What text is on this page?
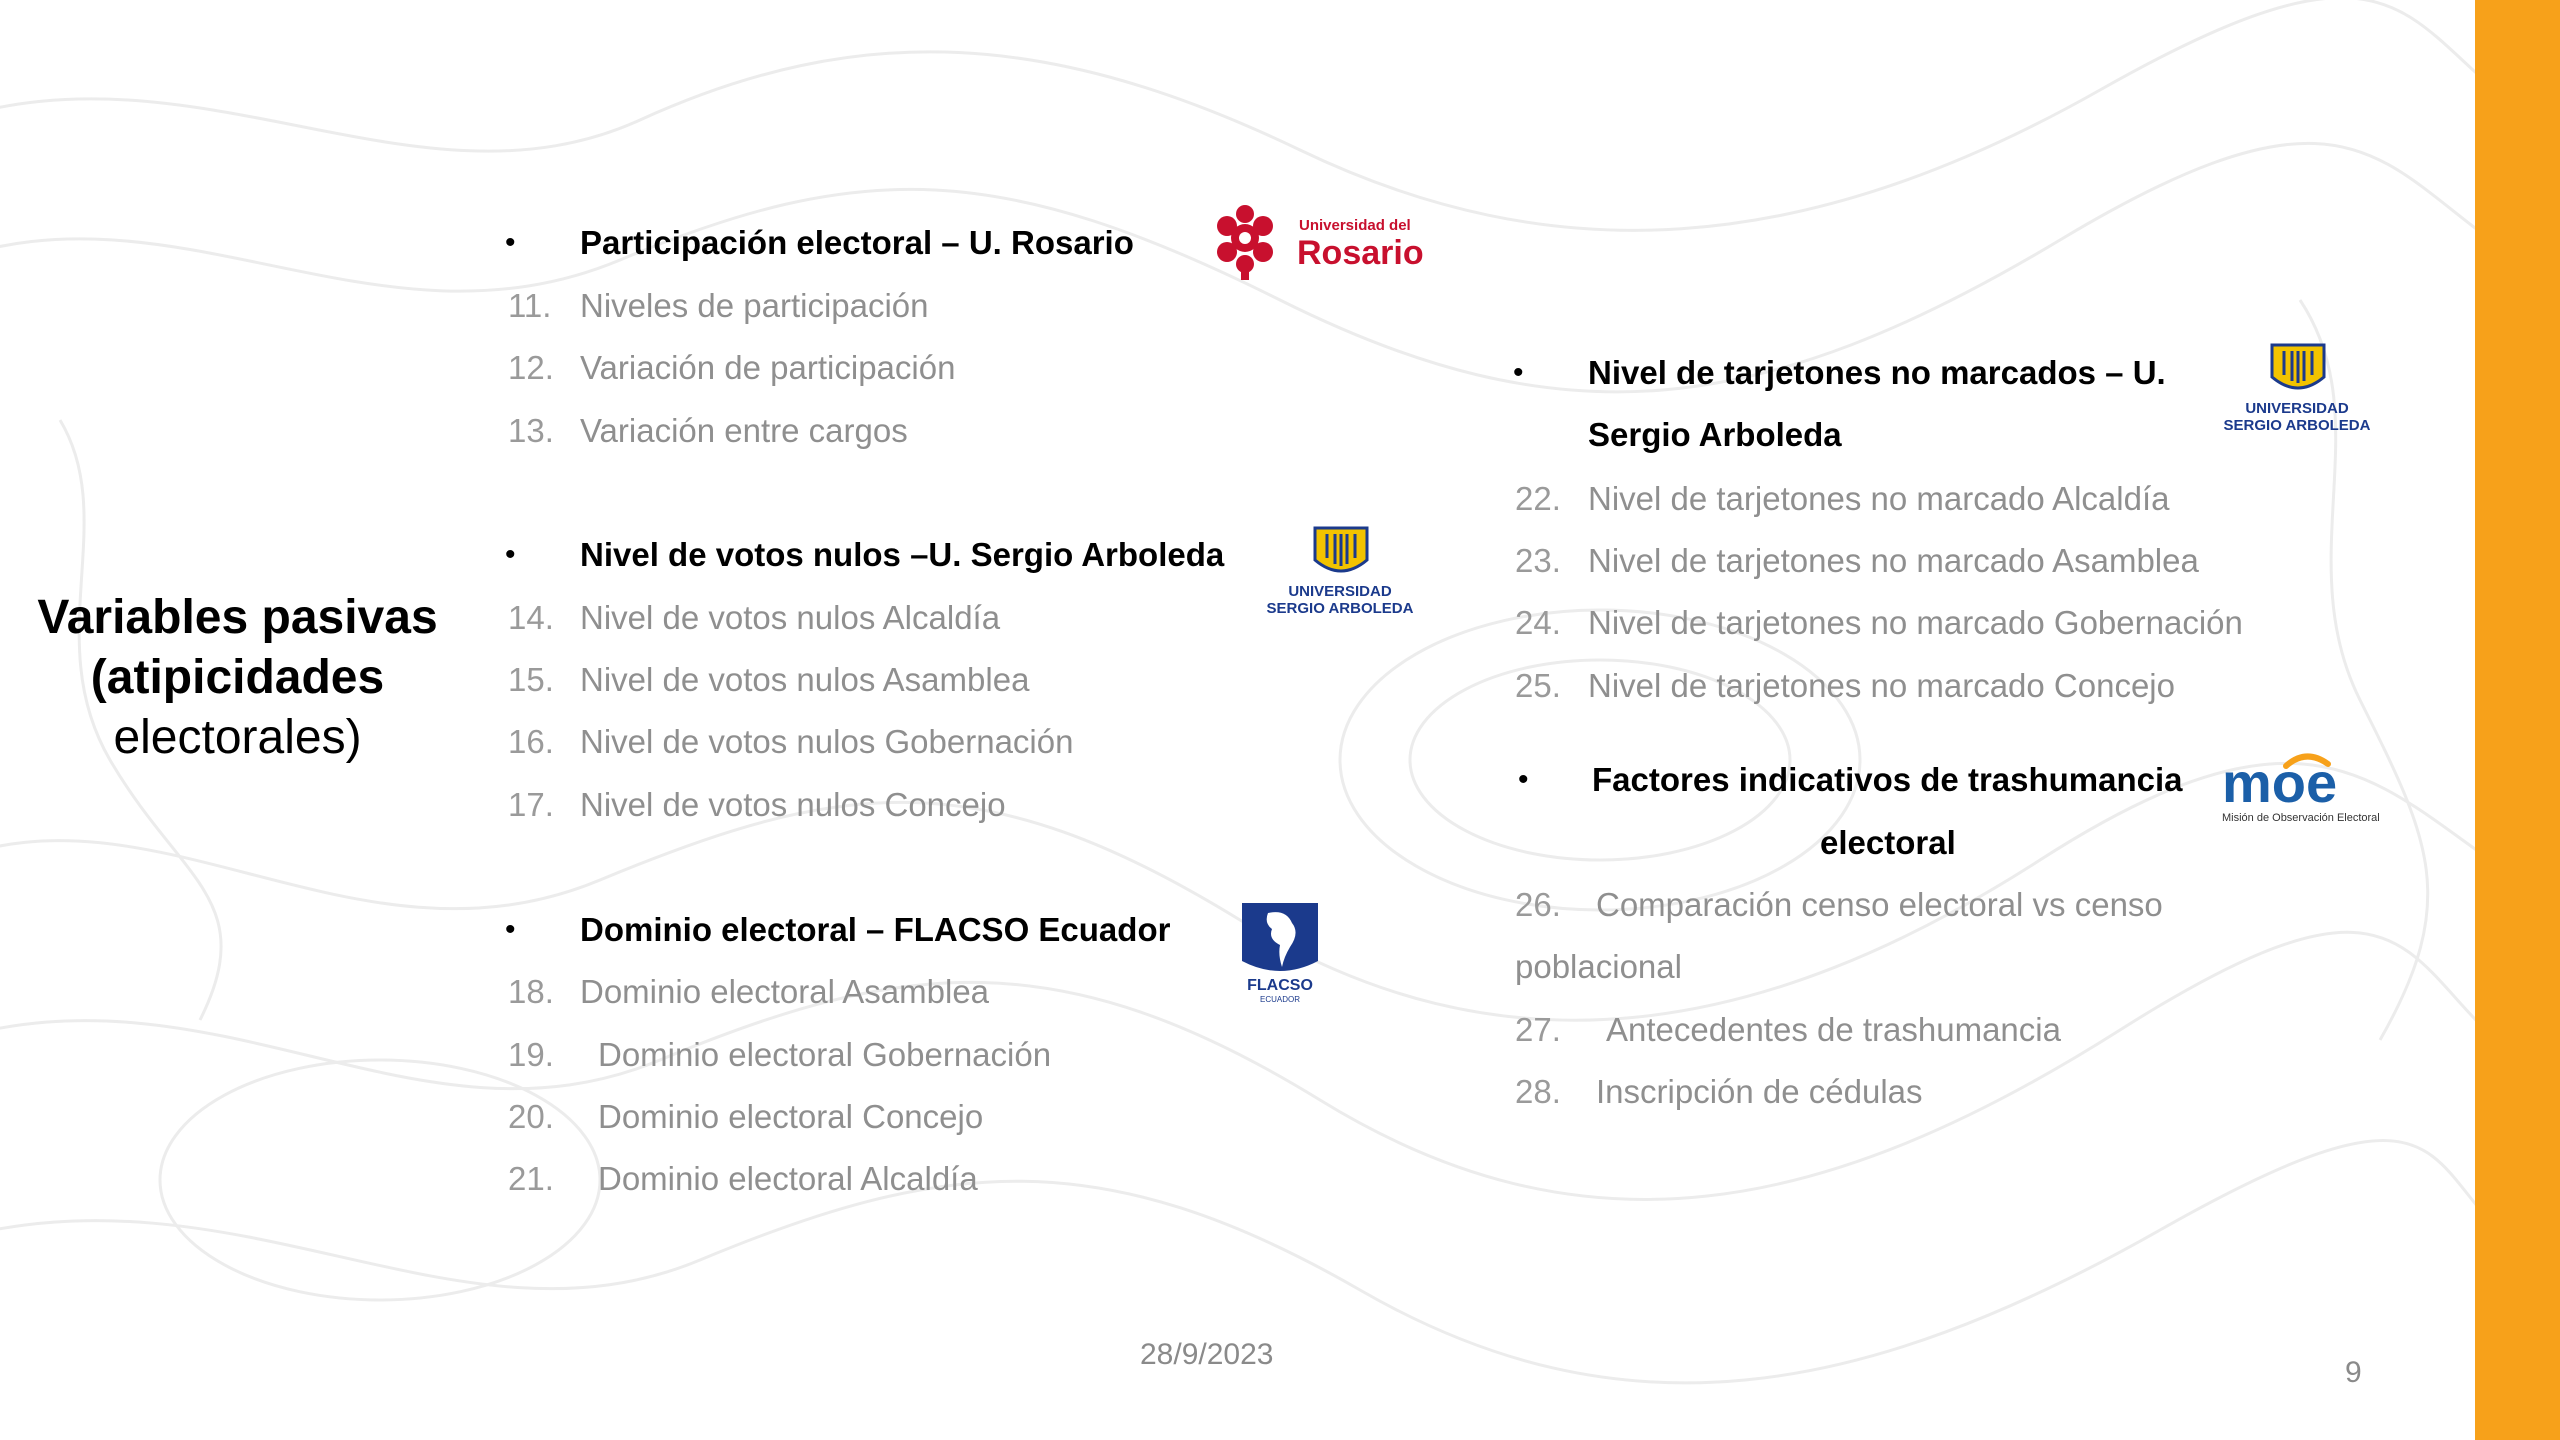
Variables pasivas
(atipicidades
electorales)
• Participación electoral – U. Rosario
11. Niveles de participación
12. Variación de participación
13. Variación entre cargos
• Nivel de votos nulos –U. Sergio Arboleda
14. Nivel de votos nulos Alcaldía
15. Nivel de votos nulos Asamblea
16. Nivel de votos nulos Gobernación
17. Nivel de votos nulos Concejo
• Dominio electoral – FLACSO Ecuador
18. Dominio electoral Asamblea
19. Dominio electoral Gobernación
20. Dominio electoral Concejo
21. Dominio electoral Alcaldía
• Nivel de tarjetones no marcados – U.
Sergio Arboleda
22. Nivel de tarjetones no marcado Alcaldía
23. Nivel de tarjetones no marcado Asamblea
24. Nivel de tarjetones no marcado Gobernación
25. Nivel de tarjetones no marcado Concejo
• Factores indicativos de trashumancia
electoral
26. Comparación censo electoral vs censo
poblacional
27. Antecedentes de trashumancia
28. Inscripción de cédulas
Universidad del
Rosario
UNIVERSIDAD
SERGIO ARBOLEDA
UNIVERSIDAD
SERGIO ARBOLEDA
FLACSO
ECUADOR
moe
Misión de Observación Electoral
28/9/2023
9
